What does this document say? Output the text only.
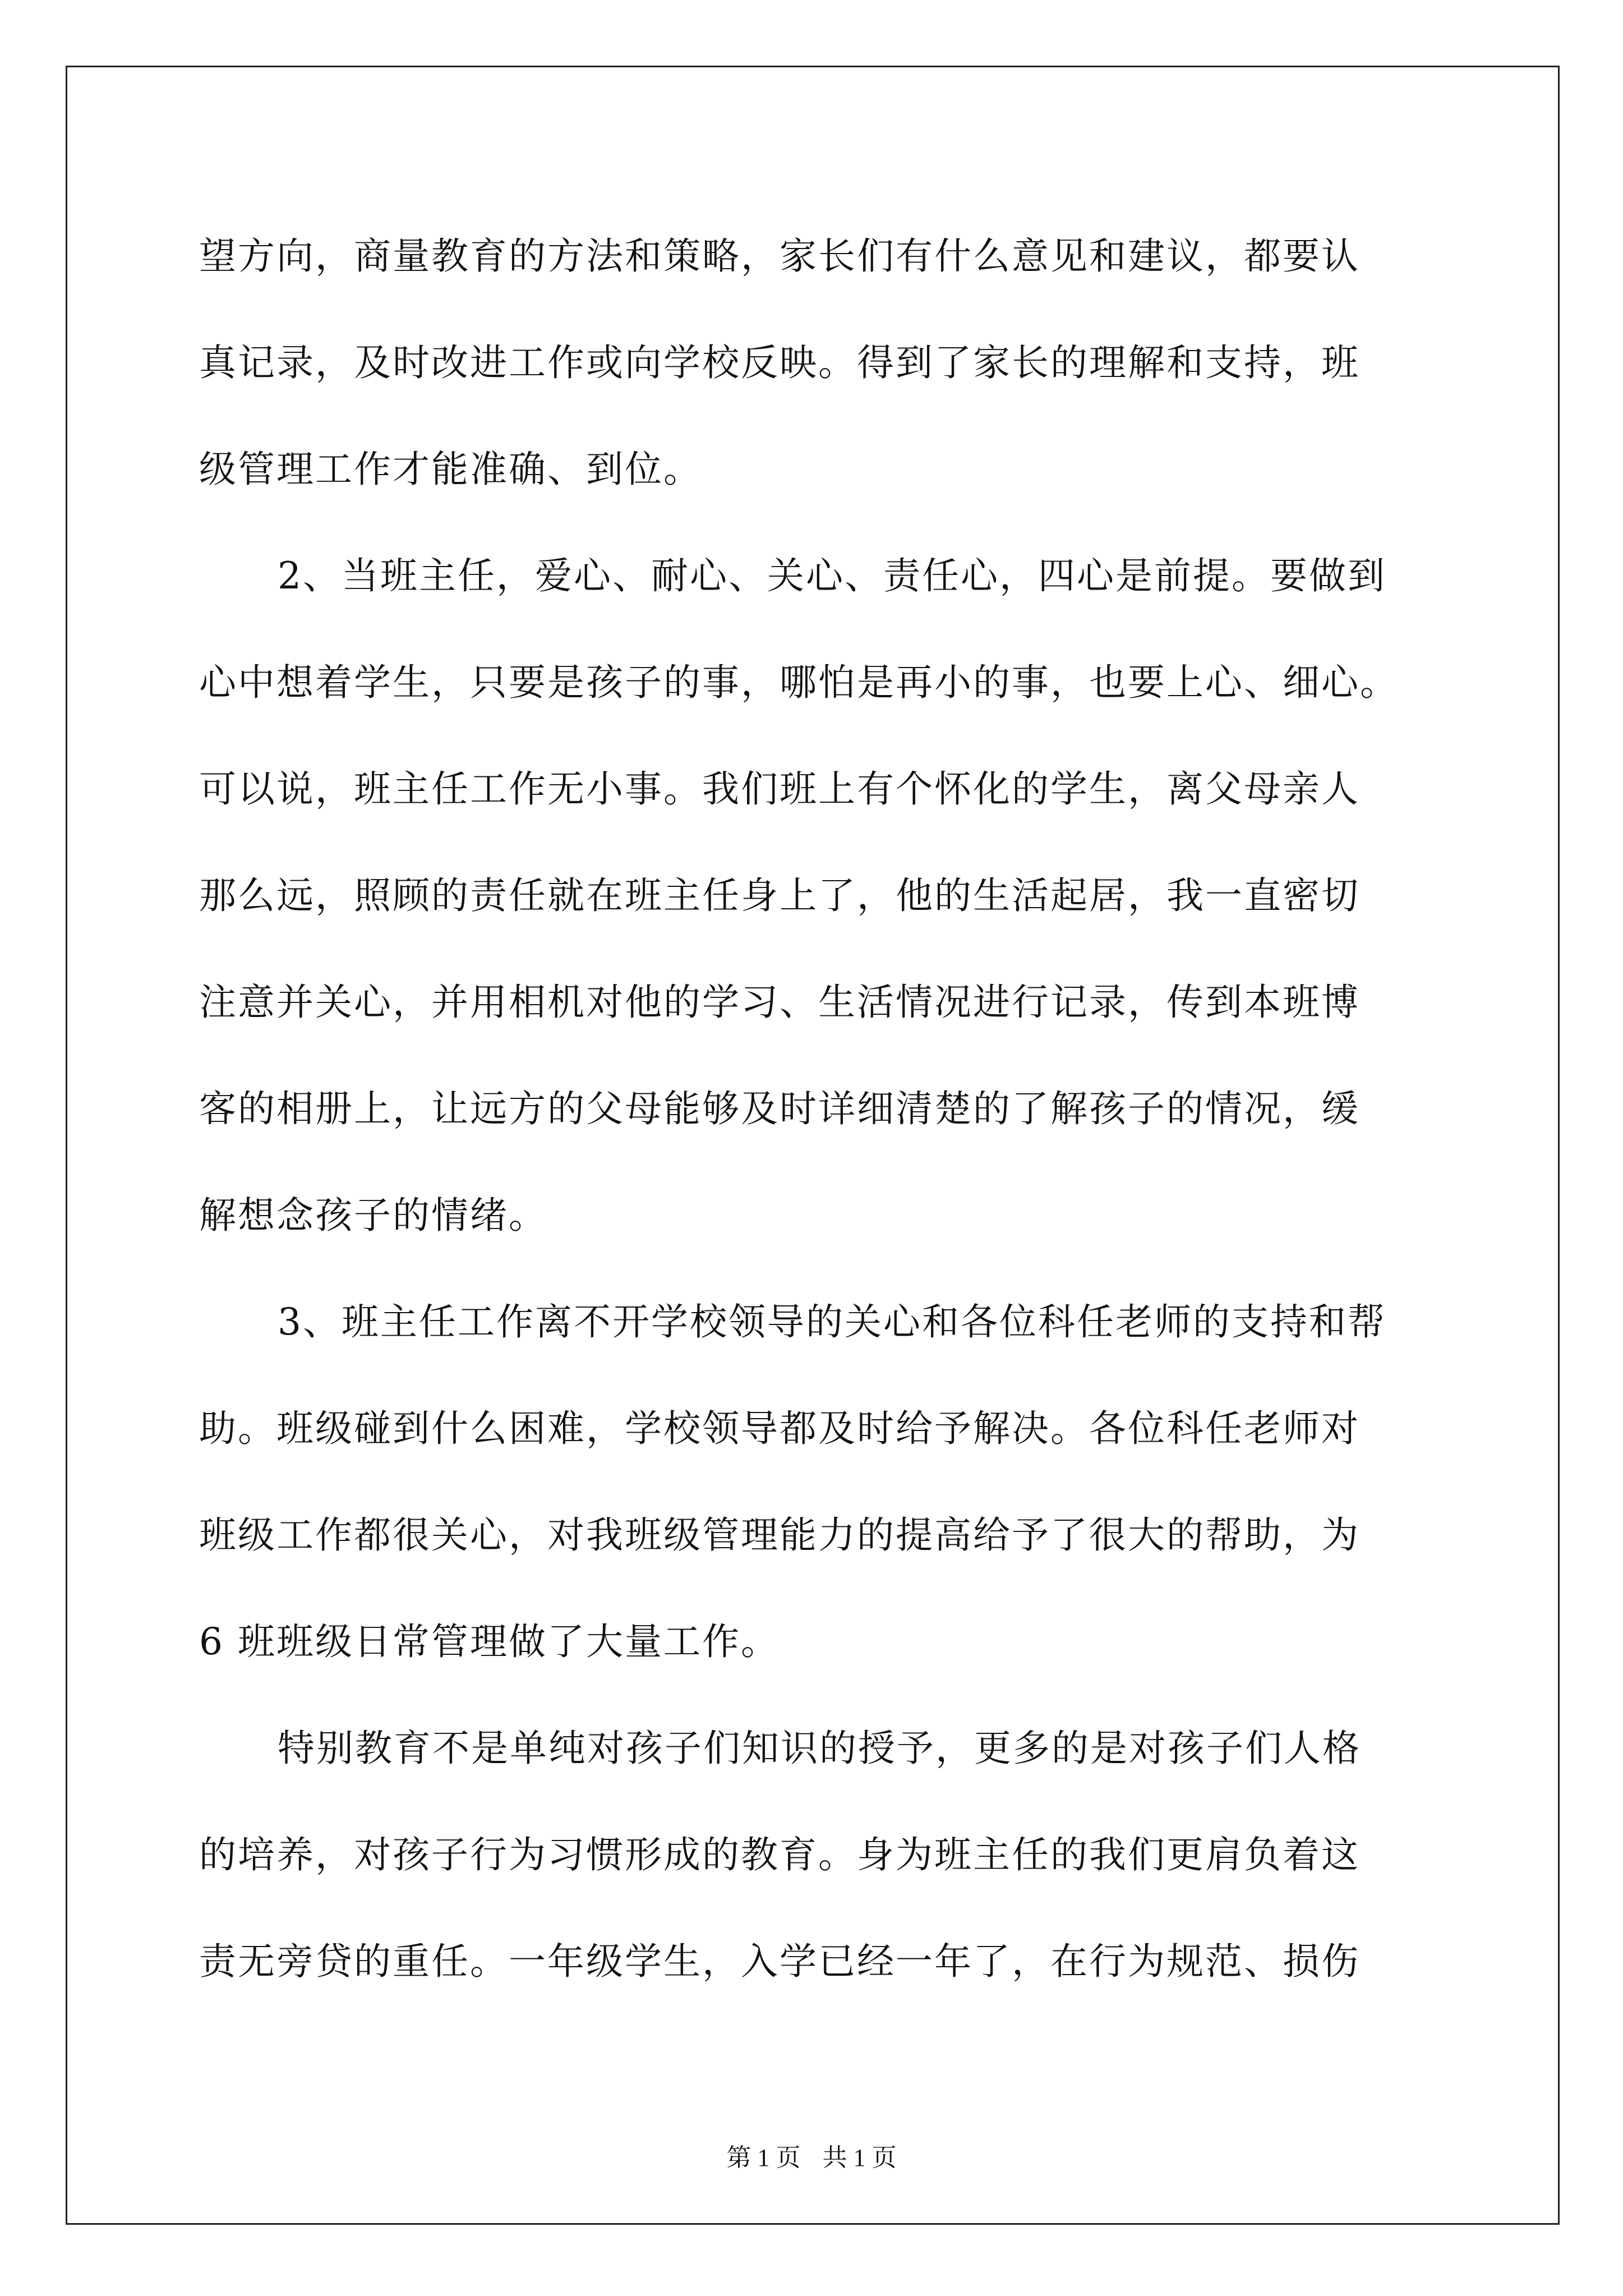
望方向，商量教育的方法和策略，家长们有什么意见和建议，都要认
真记录，及时改进工作或向学校反映。得到了家长的理解和支持，班
级管理工作才能准确、到位。

2、当班主任，爱心、耐心、关心、责任心，四心是前提。要做到
心中想着学生，只要是孩子的事，哪怕是再小的事，也要上心、细心。
可以说，班主任工作无小事。我们班上有个怀化的学生，离父母亲人
那么远，照顾的责任就在班主任身上了，他的生活起居，我一直密切
注意并关心，并用相机对他的学习、生活情况进行记录，传到本班博
客的相册上，让远方的父母能够及时详细清楚的了解孩子的情况，缓
解想念孩子的情绪。

3、班主任工作离不开学校领导的关心和各位科任老师的支持和帮
助。班级碰到什么困难，学校领导都及时给予解决。各位科任老师对
班级工作都很关心，对我班级管理能力的提高给予了很大的帮助，为
6 班班级日常管理做了大量工作。

特别教育不是单纯对孩子们知识的授予，更多的是对孩子们人格
的培养，对孩子行为习惯形成的教育。身为班主任的我们更肩负着这
责无旁贷的重任。一年级学生，入学已经一年了，在行为规范、损伤

第 1 页 共 1 页
